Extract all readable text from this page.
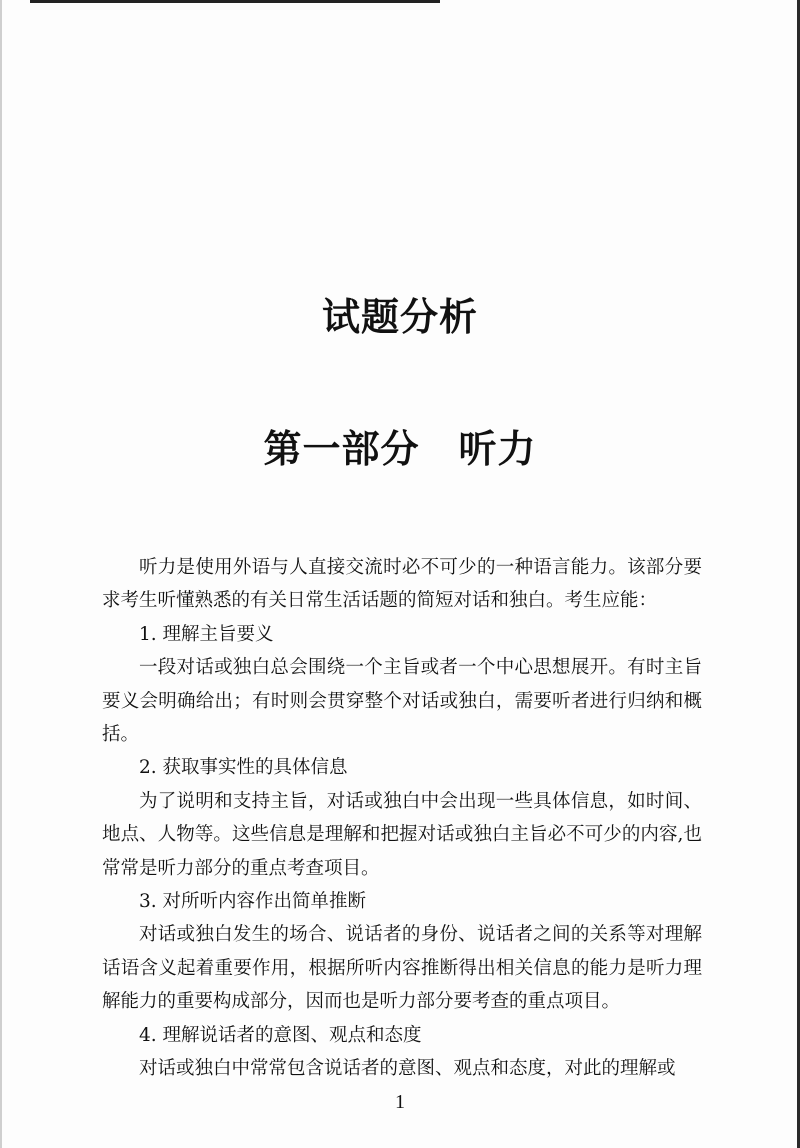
试题分析
第一部分　听力

听力是使用外语与人直接交流时必不可少的一种语言能力。该部分要求考生听懂熟悉的有关日常生活话题的简短对话和独白。考生应能：

1. 理解主旨要义

一段对话或独白总会围绕一个主旨或者一个中心思想展开。有时主旨要义会明确给出；有时则会贯穿整个对话或独白，需要听者进行归纳和概括。

2. 获取事实性的具体信息

为了说明和支持主旨，对话或独白中会出现一些具体信息，如时间、地点、人物等。这些信息是理解和把握对话或独白主旨必不可少的内容,也常常是听力部分的重点考查项目。

3. 对所听内容作出简单推断

对话或独白发生的场合、说话者的身份、说话者之间的关系等对理解话语含义起着重要作用，根据所听内容推断得出相关信息的能力是听力理解能力的重要构成部分，因而也是听力部分要考查的重点项目。

4. 理解说话者的意图、观点和态度

对话或独白中常常包含说话者的意图、观点和态度，对此的理解或

1
